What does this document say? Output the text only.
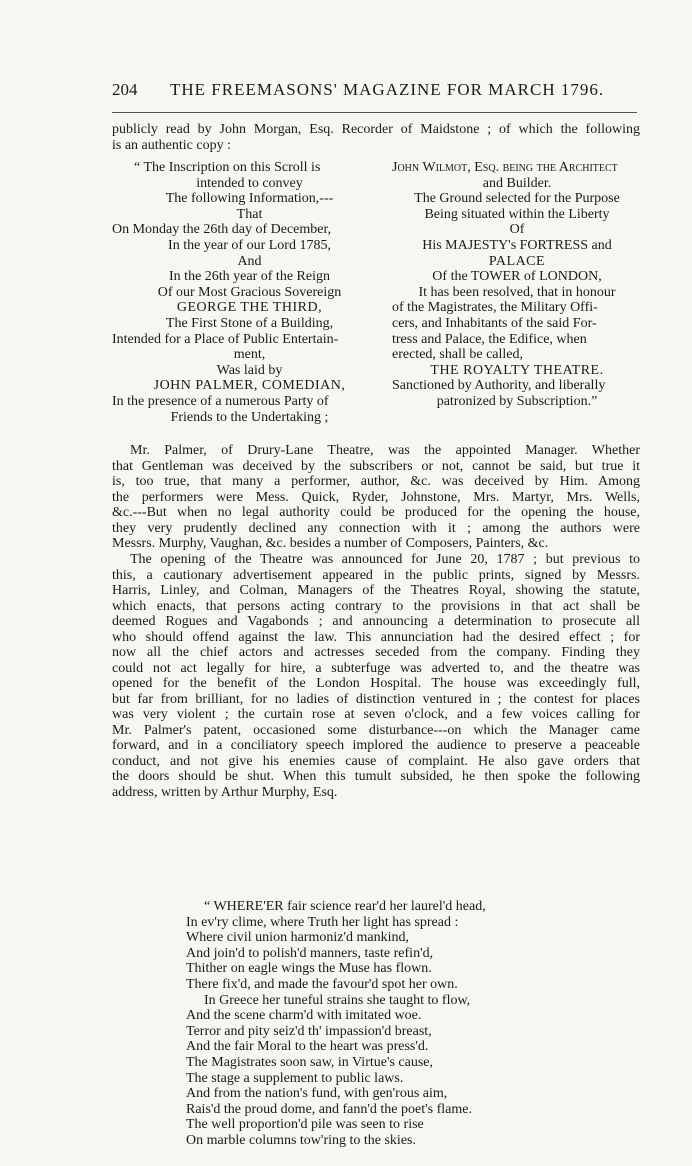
204 THE FREEMASONS' MAGAZINE FOR MARCH 1796.
publicly read by John Morgan, Esq. Recorder of Maidstone ; of which the following
is an authentic copy :
“ The Inscription on this Scroll is
intended to convey
The following Information,---
That
On Monday the 26th day of December,
In the year of our Lord 1785,
And
In the 26th year of the Reign
Of our Most Gracious Sovereign
GEORGE THE THIRD,
The First Stone of a Building,
Intended for a Place of Public Entertain-
ment,
Was laid by
JOHN PALMER, COMEDIAN,
In the presence of a numerous Party of
Friends to the Undertaking ;
John Wilmot, Esq. being the Architect
and Builder.
The Ground selected for the Purpose
Being situated within the Liberty
Of
His MAJESTY's FORTRESS and
PALACE
Of the TOWER of LONDON,
It has been resolved, that in honour
of the Magistrates, the Military Offi-
cers, and Inhabitants of the said For-
tress and Palace, the Edifice, when
erected, shall be called,
THE ROYALTY THEATRE.
Sanctioned by Authority, and liberally
patronized by Subscription.”
Mr. Palmer, of Drury-Lane Theatre, was the appointed Manager. Whether
that Gentleman was deceived by the subscribers or not, cannot be said, but true it
is, too true, that many a performer, author, &c. was deceived by Him. Among
the performers were Mess. Quick, Ryder, Johnstone, Mrs. Martyr, Mrs. Wells,
&c.---But when no legal authority could be produced for the opening the house,
they very prudently declined any connection with it ; among the authors were
Messrs. Murphy, Vaughan, &c. besides a number of Composers, Painters, &c.
The opening of the Theatre was announced for June 20, 1787 ; but previous to
this, a cautionary advertisement appeared in the public prints, signed by Messrs.
Harris, Linley, and Colman, Managers of the Theatres Royal, showing the statute,
which enacts, that persons acting contrary to the provisions in that act shall be
deemed Rogues and Vagabonds ; and announcing a determination to prosecute all
who should offend against the law. This annunciation had the desired effect ; for
now all the chief actors and actresses seceded from the company. Finding they
could not act legally for hire, a subterfuge was adverted to, and the theatre was
opened for the benefit of the London Hospital. The house was exceedingly full,
but far from brilliant, for no ladies of distinction ventured in ; the contest for places
was very violent ; the curtain rose at seven o'clock, and a few voices calling for
Mr. Palmer's patent, occasioned some disturbance---on which the Manager came
forward, and in a conciliatory speech implored the audience to preserve a peaceable
conduct, and not give his enemies cause of complaint. He also gave orders that
the doors should be shut. When this tumult subsided, he then spoke the following
address, written by Arthur Murphy, Esq.
“ WHERE'ER fair science rear'd her laurel'd head,
In ev'ry clime, where Truth her light has spread :
Where civil union harmoniz'd mankind,
And join'd to polish'd manners, taste refin'd,
Thither on eagle wings the Muse has flown.
There fix'd, and made the favour'd spot her own.
In Greece her tuneful strains she taught to flow,
And the scene charm'd with imitated woe.
Terror and pity seiz'd th' impassion'd breast,
And the fair Moral to the heart was press'd.
The Magistrates soon saw, in Virtue's cause,
The stage a supplement to public laws.
And from the nation's fund, with gen'rous aim,
Rais'd the proud dome, and fann'd the poet's flame.
The well proportion'd pile was seen to rise
On marble columns tow'ring to the skies.
